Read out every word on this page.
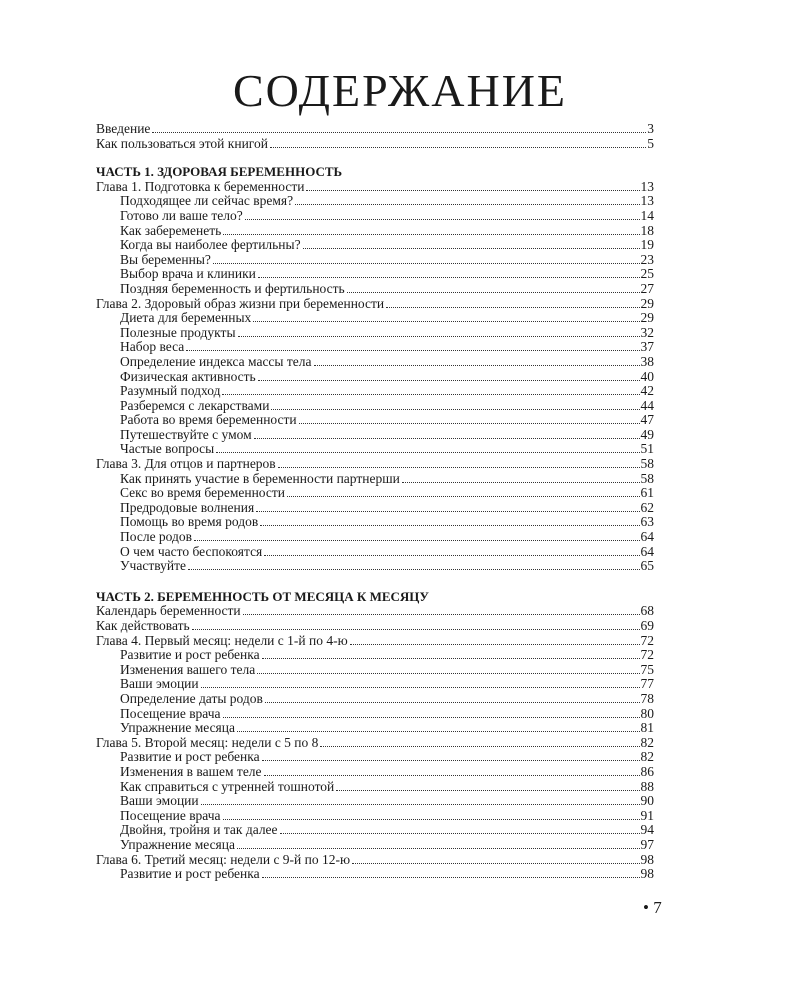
СОДЕРЖАНИЕ
Введение	3
Как пользоваться этой книгой	5
ЧАСТЬ 1. ЗДОРОВАЯ БЕРЕМЕННОСТЬ
Глава 1. Подготовка к беременности	13
Подходящее ли сейчас время?	13
Готово ли ваше тело?	14
Как забеременеть	18
Когда вы наиболее фертильны?	19
Вы беременны?	23
Выбор врача и клиники	25
Поздняя беременность и фертильность	27
Глава 2. Здоровый образ жизни при беременности	29
Диета для беременных	29
Полезные продукты	32
Набор веса	37
Определение индекса массы тела	38
Физическая активность	40
Разумный подход	42
Разберемся с лекарствами	44
Работа во время беременности	47
Путешествуйте с умом	49
Частые вопросы	51
Глава 3. Для отцов и партнеров	58
Как принять участие в беременности партнерши	58
Секс во время беременности	61
Предродовые волнения	62
Помощь во время родов	63
После родов	64
О чем часто беспокоятся	64
Участвуйте	65
ЧАСТЬ 2. БЕРЕМЕННОСТЬ ОТ МЕСЯЦА К МЕСЯЦУ
Календарь беременности	68
Как действовать	69
Глава 4. Первый месяц: недели с 1-й по 4-ю	72
Развитие и рост ребенка	72
Изменения вашего тела	75
Ваши эмоции	77
Определение даты родов	78
Посещение врача	80
Упражнение месяца	81
Глава 5. Второй месяц: недели с 5 по 8	82
Развитие и рост ребенка	82
Изменения в вашем теле	86
Как справиться с утренней тошнотой	88
Ваши эмоции	90
Посещение врача	91
Двойня, тройня и так далее	94
Упражнение месяца	97
Глава 6. Третий месяц: недели с 9-й по 12-ю	98
Развитие и рост ребенка	98
• 7
